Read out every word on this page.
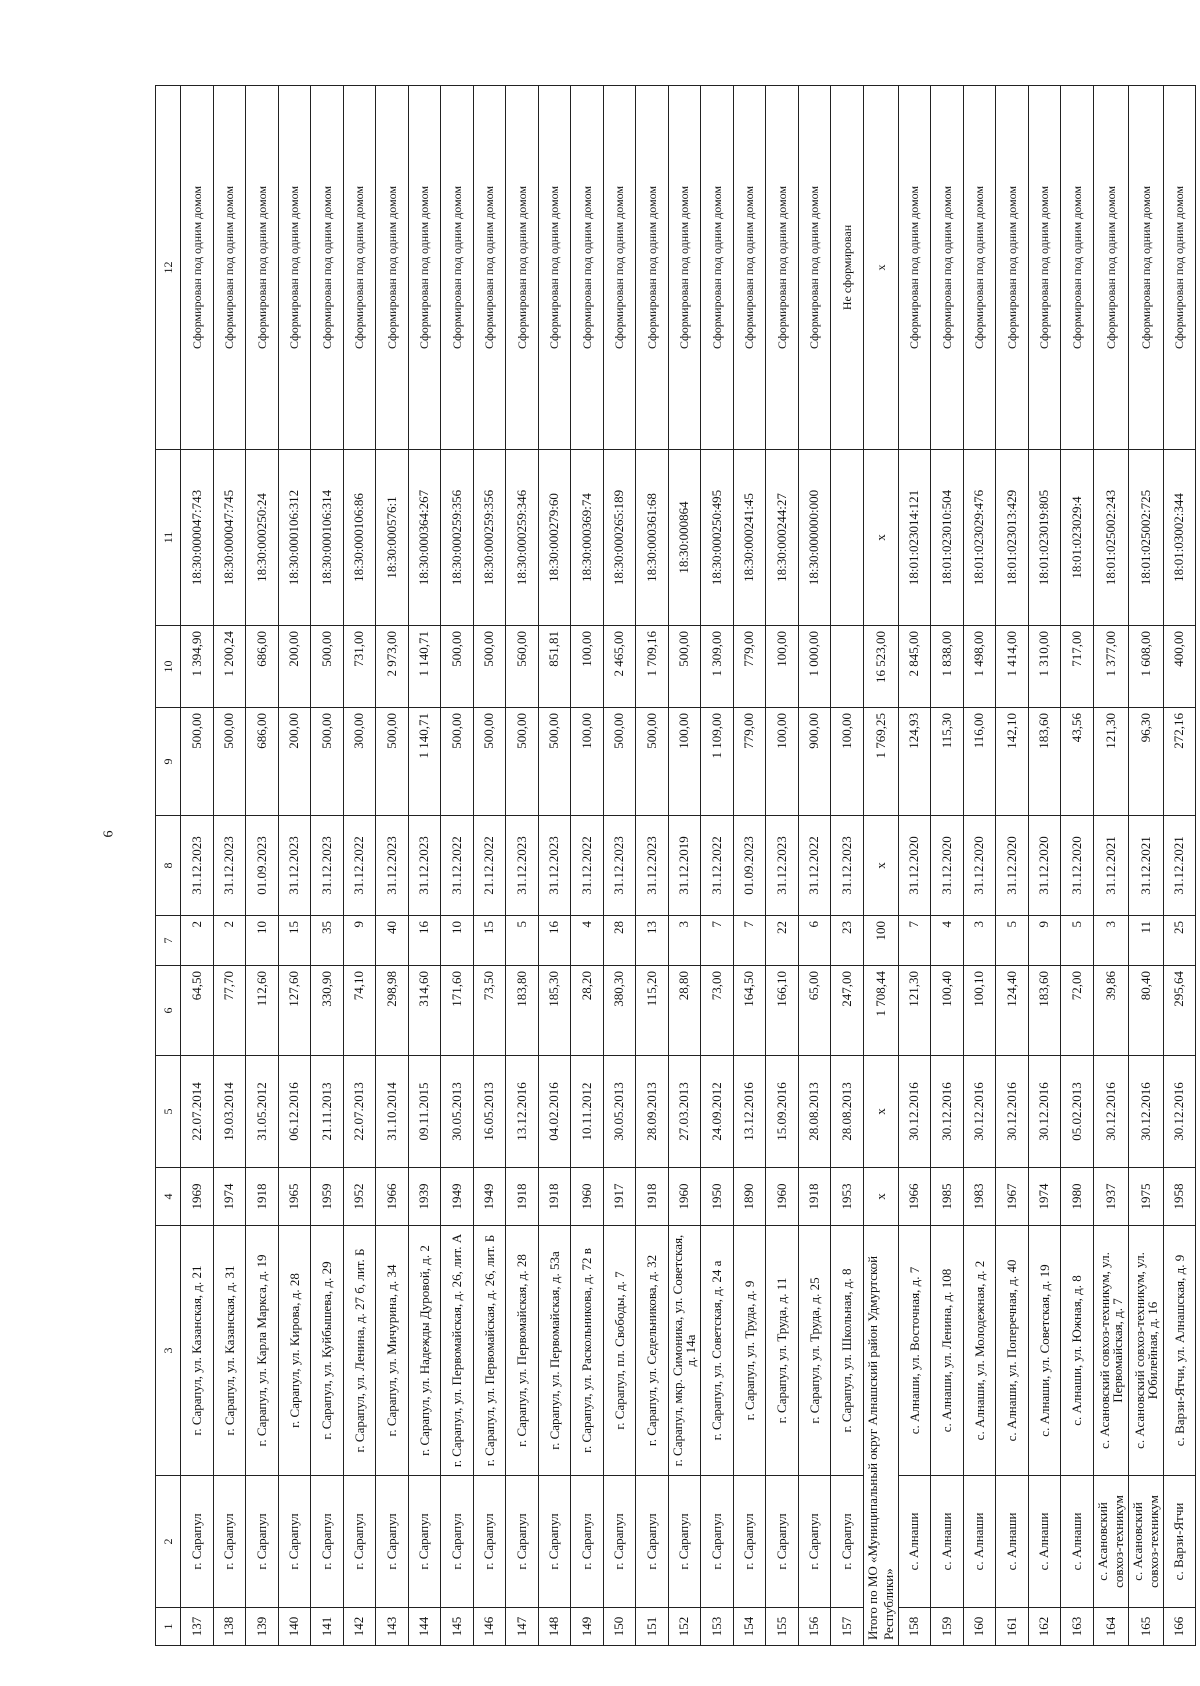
6
1	2	3	4	5	6	7	8	9	10	11	12
137	г. Сарапул	г. Сарапул, ул. Казанская, д. 21	1969	22.07.2014	64,50	2	31.12.2023	500,00	1 394,90	18:30:000047:743	Сформирован под одним домом
138	г. Сарапул	г. Сарапул, ул. Казанская, д. 31	1974	19.03.2014	77,70	2	31.12.2023	500,00	1 200,24	18:30:000047:745	Сформирован под одним домом
139	г. Сарапул	г. Сарапул, ул. Карла Маркса, д. 19	1918	31.05.2012	112,60	10	01.09.2023	686,00	686,00	18:30:000250:24	Сформирован под одним домом
140	г. Сарапул	г. Сарапул, ул. Кирова, д. 28	1965	06.12.2016	127,60	15	31.12.2023	200,00	200,00	18:30:000106:312	Сформирован под одним домом
141	г. Сарапул	г. Сарапул, ул. Куйбышева, д. 29	1959	21.11.2013	330,90	35	31.12.2023	500,00	500,00	18:30:000106:314	Сформирован под одним домом
142	г. Сарапул	г. Сарапул, ул. Ленина, д. 27 б, лит. Б	1952	22.07.2013	74,10	9	31.12.2022	300,00	731,00	18:30:000106:86	Сформирован под одним домом
143	г. Сарапул	г. Сарапул, ул. Мичурина, д. 34	1966	31.10.2014	298,98	40	31.12.2023	500,00	2 973,00	18:30:000576:1	Сформирован под одним домом
144	г. Сарапул	г. Сарапул, ул. Надежды Дуровой, д. 2	1939	09.11.2015	314,60	16	31.12.2023	1 140,71	1 140,71	18:30:000364:267	Сформирован под одним домом
145	г. Сарапул	г. Сарапул, ул. Первомайская, д. 26, лит. А	1949	30.05.2013	171,60	10	31.12.2022	500,00	500,00	18:30:000259:356	Сформирован под одним домом
146	г. Сарапул	г. Сарапул, ул. Первомайская, д. 26, лит. Б	1949	16.05.2013	73,50	15	21.12.2022	500,00	500,00	18:30:000259:356	Сформирован под одним домом
147	г. Сарапул	г. Сарапул, ул. Первомайская, д. 28	1918	13.12.2016	183,80	5	31.12.2023	500,00	560,00	18:30:000259:346	Сформирован под одним домом
148	г. Сарапул	г. Сарапул, ул. Первомайская, д. 53а	1918	04.02.2016	185,30	16	31.12.2023	500,00	851,81	18:30:000279:60	Сформирован под одним домом
149	г. Сарапул	г. Сарапул, ул. Раскольникова, д. 72 в	1960	10.11.2012	28,20	4	31.12.2022	100,00	100,00	18:30:000369:74	Сформирован под одним домом
150	г. Сарапул	г. Сарапул, пл. Свободы, д. 7	1917	30.05.2013	380,30	28	31.12.2023	500,00	2 465,00	18:30:000265:189	Сформирован под одним домом
151	г. Сарапул	г. Сарапул, ул. Седельникова, д. 32	1918	28.09.2013	115,20	13	31.12.2023	500,00	1 709,16	18:30:000361:68	Сформирован под одним домом
152	г. Сарапул	г. Сарапул, мкр. Симоника, ул. Советская, д. 14а	1960	27.03.2013	28,80	3	31.12.2019	100,00	500,00	18:30:000864	Сформирован под одним домом
153	г. Сарапул	г. Сарапул, ул. Советская, д. 24 а	1950	24.09.2012	73,00	7	31.12.2022	1 109,00	1 309,00	18:30:000250:495	Сформирован под одним домом
154	г. Сарапул	г. Сарапул, ул. Труда, д. 9	1890	13.12.2016	164,50	7	01.09.2023	779,00	779,00	18:30:000241:45	Сформирован под одним домом
155	г. Сарапул	г. Сарапул, ул. Труда, д. 11	1960	15.09.2016	166,10	22	31.12.2023	100,00	100,00	18:30:000244:27	Сформирован под одним домом
156	г. Сарапул	г. Сарапул, ул. Труда, д. 25	1918	28.08.2013	65,00	6	31.12.2022	900,00	1 000,00	18:30:000000:000	Сформирован под одним домом
157	г. Сарапул	г. Сарапул, ул. Школьная, д. 8	1953	28.08.2013	247,00	23	31.12.2023	100,00			Не сформирован
Итого по МО «Муниципальный округ Алнашский район Удмуртской Республики»			x	x	1 708,44	100	x	1 769,25	16 523,00	x	x
158	с. Алнаши	с. Алнаши, ул. Восточная, д. 7	1966	30.12.2016	121,30	7	31.12.2020	124,93	2 845,00	18:01:023014:121	Сформирован под одним домом
159	с. Алнаши	с. Алнаши, ул. Ленина, д. 108	1985	30.12.2016	100,40	4	31.12.2020	115,30	1 838,00	18:01:023010:504	Сформирован под одним домом
160	с. Алнаши	с. Алнаши, ул. Молодежная, д. 2	1983	30.12.2016	100,10	3	31.12.2020	116,00	1 498,00	18:01:023029:476	Сформирован под одним домом
161	с. Алнаши	с. Алнаши, ул. Поперечная, д. 40	1967	30.12.2016	124,40	5	31.12.2020	142,10	1 414,00	18:01:023013:429	Сформирован под одним домом
162	с. Алнаши	с. Алнаши, ул. Советская, д. 19	1974	30.12.2016	183,60	9	31.12.2020	183,60	1 310,00	18:01:023019:805	Сформирован под одним домом
163	с. Алнаши	с. Алнаши, ул. Южная, д. 8	1980	05.02.2013	72,00	5	31.12.2020	43,56	717,00	18:01:023029:4	Сформирован под одним домом
164	с. Асановский совхоз-техникум	с. Асановский совхоз-техникум, ул. Первомайская, д. 7	1937	30.12.2016	39,86	3	31.12.2021	121,30	1 377,00	18:01:025002:243	Сформирован под одним домом
165	с. Асановский совхоз-техникум	с. Асановский совхоз-техникум, ул. Юбилейная, д. 16	1975	30.12.2016	80,40	11	31.12.2021	96,30	1 608,00	18:01:025002:725	Сформирован под одним домом
166	с. Варзи-Ятчи	с. Варзи-Ятчи, ул. Алнашская, д. 9	1958	30.12.2016	295,64	25	31.12.2021	272,16	400,00	18:01:03002:344	Сформирован под одним домом
